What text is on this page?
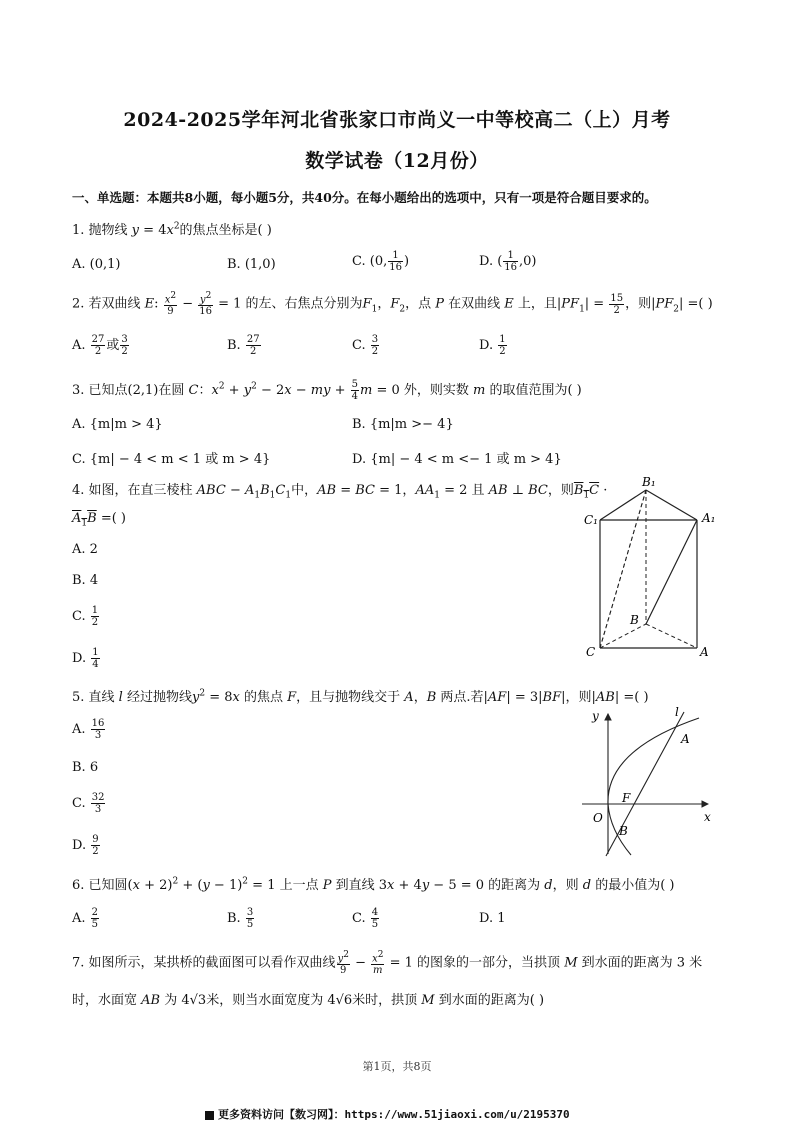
2024-2025学年河北省张家口市尚义一中等校高二（上）月考
数学试卷（12月份）
一、单选题：本题共8小题，每小题5分，共40分。在每小题给出的选项中，只有一项是符合题目要求的。
1. 抛物线 $y = 4x^2$的焦点坐标是( )
A. (0,1)	B. (1,0)	C. (0, $\frac{1}{16}$ )	D. ( $\frac{1}{16} ,0$)
2. 若双曲线 E: $\frac{x^2}{9} - \frac{y^2}{16} = 1$ 的左、右焦点分别为$F_1$，$F_2$，点 P 在双曲线 E 上，且$|PF_1| = \frac{15}{2}$ ，则$|PF_2|$ =( )
A. $\frac{27}{2}$ 或 $\frac{3}{2}$	B. $\frac{27}{2}$	C. $\frac{3}{2}$	D. $\frac{1}{2}$
3. 已知点(2,1)在圆 C：$x^2 + y^2 - 2x$ − my + $\frac{5}{4}$ m = 0 外，则实数 m 的取值范围为( )
A. {m|m > 4}	B. {m|m >− 4}
C. {m| − 4 < m < 1 或 m > 4}	D. {m| − 4 < m <− 1 或 m > 4}
4. 如图，在直三棱柱 ABC − $A_1B_1C_1$中，AB = BC = 1，$AA_1 = 2$ 且 AB ⊥ BC，则$B_1C$ ·
$A_1B$ =( )
A. 2
B. 4
C. $\frac{1}{2}$
D. $\frac{1}{4}$
B₁
C₁	A₁
B
C	A
5. 直线 l 经过抛物线$y^2 = 8x$ 的焦点 F，且与抛物线交于 A，B 两点.若|AF| = 3|BF|，则|AB| =( )
A. $\frac{16}{3}$
B. 6
C. $\frac{32}{3}$
D. $\frac{9}{2}$
y	l
A
F
O
B
x
6. 已知圆$(x + 2)^2 + (y - 1)^2 = 1$ 上一点 P 到直线 3x + 4y − 5 = 0 的距离为 d，则 d 的最小值为( )
A. $\frac{2}{5}$	B. $\frac{3}{5}$	C. $\frac{4}{5}$	D. 1
7. 如图所示，某拱桥的截面图可以看作双曲线 $\frac{y^2}{9} - \frac{x^2}{m} = 1$ 的图象的一部分，当拱顶 M 到水面的距离为 3 米
时，水面宽 AB 为 4√3米，则当水面宽度为 4√6米时，拱顶 M 到水面的距离为( )
第1页，共8页
更多资料访问【数习网】：https://www.51jiaoxi.com/u/2195370
